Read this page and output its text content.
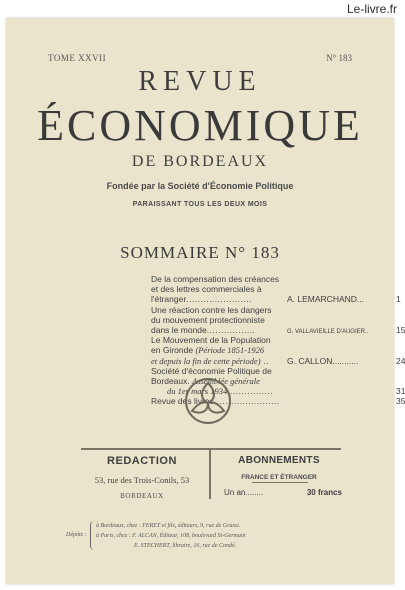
Le-livre.fr
TOME XXVII	N° 183
REVUE
ÉCONOMIQUE
DE BORDEAUX
Fondée par la Société d'Économie Politique
PARAISSANT TOUS LES DEUX MOIS
SOMMAIRE N° 183
De la compensation des créances
et des lettres commerciales à
l'étranger.......................	A. LEMARCHAND...	1
Une réaction contre les dangers
du mouvement protectionniste
dans le monde.................	G. VALLAVIEILLE D'AUGIER..	15
Le Mouvement de la Population
en Gironde (Période 1851-1926
et depuis la fin de cette période) .. G. CALLON...........	24
Société d'économie Politique de
Bordeaux. Assemblée générale
du 1er mars 1934 ...............	31
Revue des livres ......................	35
REDACTION
53, rue des Trois-Conils, 53
BORDEAUX
ABONNEMENTS
FRANCE ET ÉTRANGER
Un an........	30 francs
Dépôts :
à Bordeaux, chez : FERET et fils, éditeurs, 9, rue de Grassi.
à Paris, chez : F. ALCAN, Éditeur, 108, boulevard St-Germain
E. STECHERT, libraire, 16, rue de Condé.
